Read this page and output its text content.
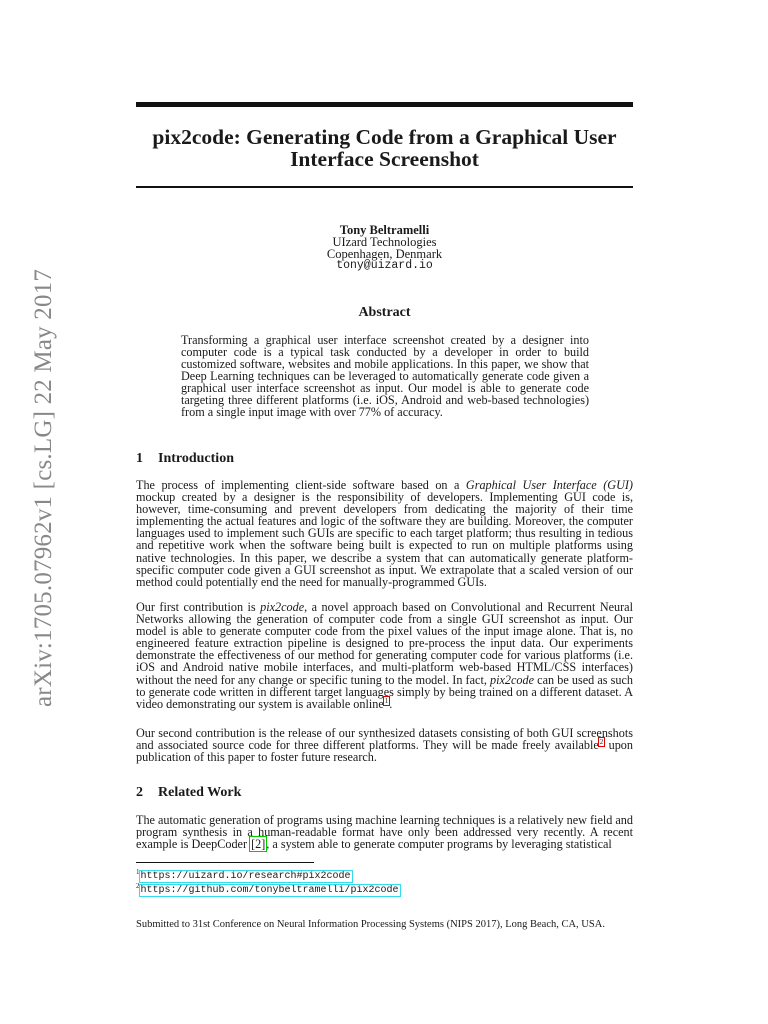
arXiv:1705.07962v1 [cs.LG] 22 May 2017
pix2code: Generating Code from a Graphical User
Interface Screenshot
Tony Beltramelli
UIzard Technologies
Copenhagen, Denmark
tony@uizard.io
Abstract
Transforming a graphical user interface screenshot created by a designer into computer code is a typical task conducted by a developer in order to build customized software, websites and mobile applications. In this paper, we show that Deep Learning techniques can be leveraged to automatically generate code given a graphical user interface screenshot as input. Our model is able to generate code targeting three different platforms (i.e. iOS, Android and web-based technologies) from a single input image with over 77% of accuracy.
1 Introduction
The process of implementing client-side software based on a Graphical User Interface (GUI) mockup created by a designer is the responsibility of developers. Implementing GUI code is, however, time-consuming and prevent developers from dedicating the majority of their time implementing the actual features and logic of the software they are building. Moreover, the computer languages used to implement such GUIs are specific to each target platform; thus resulting in tedious and repetitive work when the software being built is expected to run on multiple platforms using native technologies. In this paper, we describe a system that can automatically generate platform-specific computer code given a GUI screenshot as input. We extrapolate that a scaled version of our method could potentially end the need for manually-programmed GUIs.
Our first contribution is pix2code, a novel approach based on Convolutional and Recurrent Neural Networks allowing the generation of computer code from a single GUI screenshot as input. Our model is able to generate computer code from the pixel values of the input image alone. That is, no engineered feature extraction pipeline is designed to pre-process the input data. Our experiments demonstrate the effectiveness of our method for generating computer code for various platforms (i.e. iOS and Android native mobile interfaces, and multi-platform web-based HTML/CSS interfaces) without the need for any change or specific tuning to the model. In fact, pix2code can be used as such to generate code written in different target languages simply by being trained on a different dataset. A video demonstrating our system is available online$^1$.
Our second contribution is the release of our synthesized datasets consisting of both GUI screenshots and associated source code for three different platforms. They will be made freely available$^2$ upon publication of this paper to foster future research.
2 Related Work
The automatic generation of programs using machine learning techniques is a relatively new field and program synthesis in a human-readable format have only been addressed very recently. A recent example is DeepCoder [2], a system able to generate computer programs by leveraging statistical
$^1$https://uizard.io/research#pix2code
$^2$https://github.com/tonybeltramelli/pix2code
Submitted to 31st Conference on Neural Information Processing Systems (NIPS 2017), Long Beach, CA, USA.
